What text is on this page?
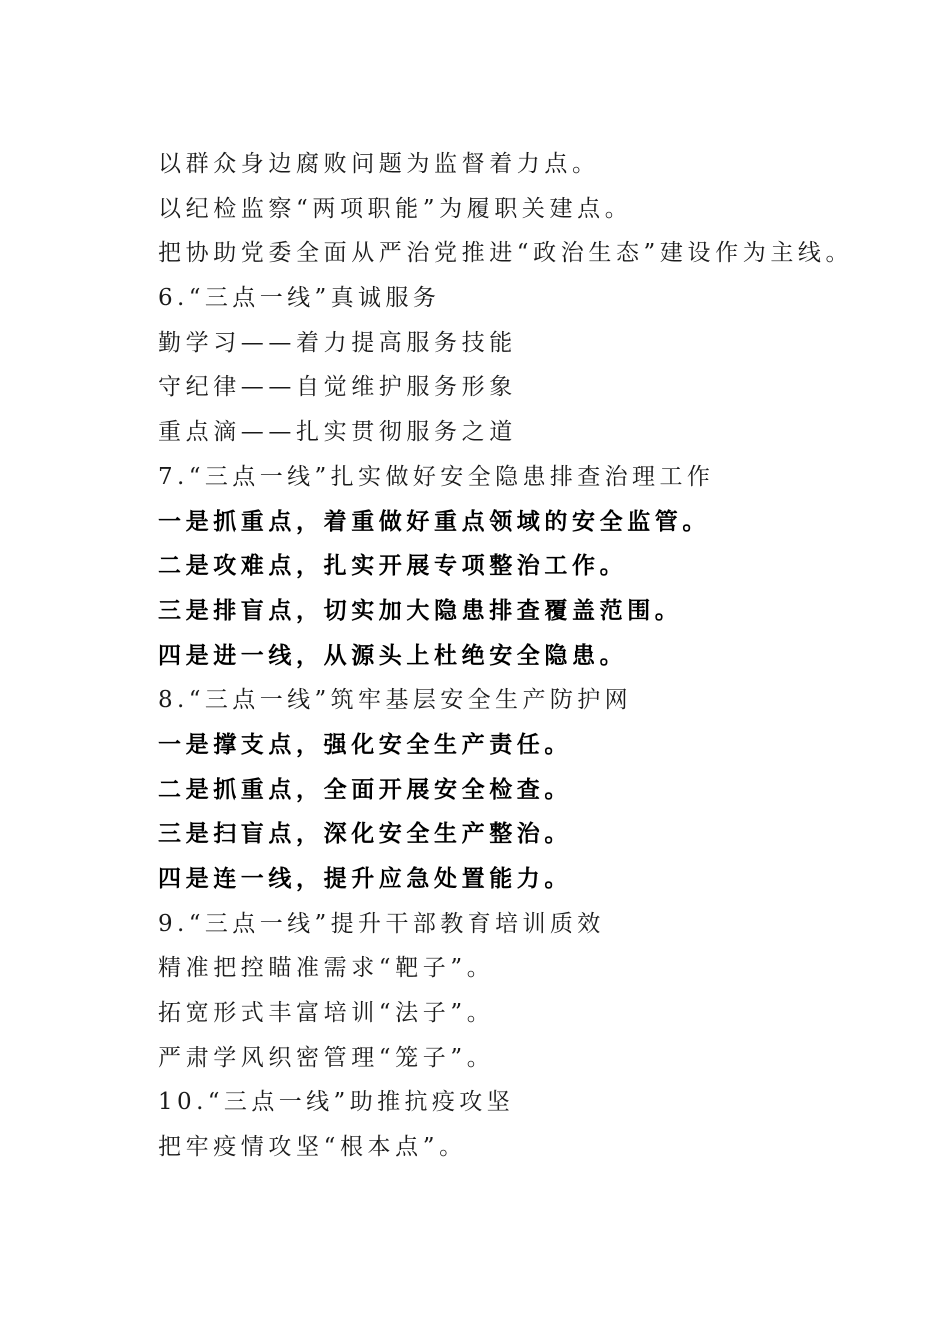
以群众身边腐败问题为监督着力点。
以纪检监察“两项职能”为履职关建点。
把协助党委全面从严治党推进“政治生态”建设作为主线。
6.“三点一线”真诚服务
勤学习——着力提高服务技能
守纪律——自觉维护服务形象
重点滴——扎实贯彻服务之道
7.“三点一线”扎实做好安全隐患排查治理工作
一是抓重点，着重做好重点领域的安全监管。
二是攻难点，扎实开展专项整治工作。
三是排盲点，切实加大隐患排查覆盖范围。
四是进一线，从源头上杜绝安全隐患。
8.“三点一线”筑牢基层安全生产防护网
一是撑支点，强化安全生产责任。
二是抓重点，全面开展安全检查。
三是扫盲点，深化安全生产整治。
四是连一线，提升应急处置能力。
9.“三点一线”提升干部教育培训质效
精准把控瞄准需求“靶子”。
拓宽形式丰富培训“法子”。
严肃学风织密管理“笼子”。
10.“三点一线”助推抗疫攻坚
把牢疫情攻坚“根本点”。
